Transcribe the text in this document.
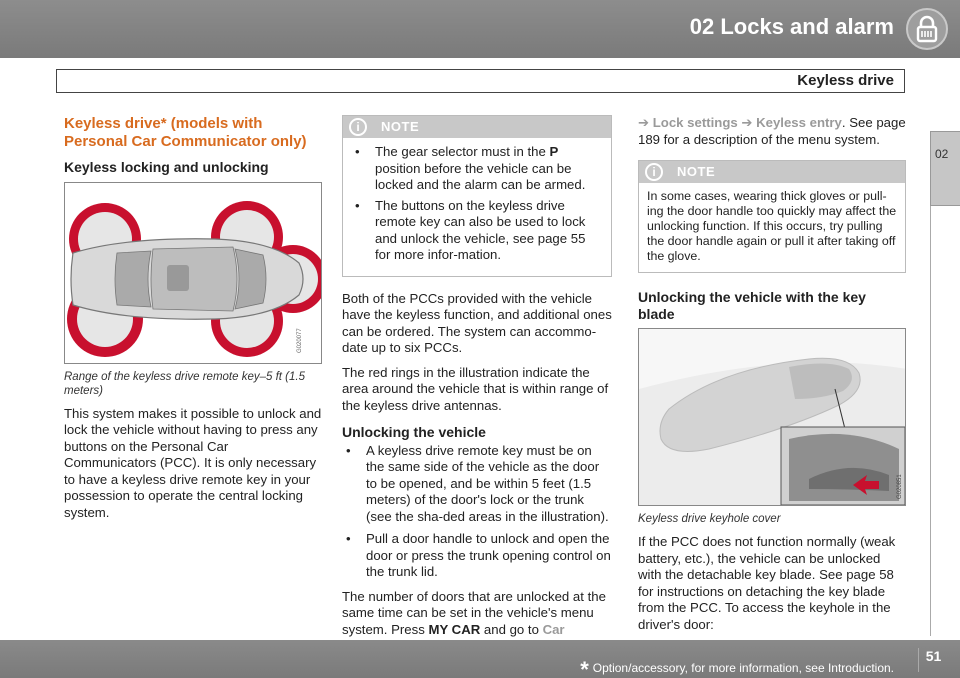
02 Locks and alarm
Keyless drive
02
Keyless drive* (models with Personal Car Communicator only)
Keyless locking and unlocking
G020077
Range of the keyless drive remote key–5 ft (1.5 meters)

This system makes it possible to unlock and lock the vehicle without having to press any buttons on the Personal Car Communicators (PCC). It is only necessary to have a keyless drive remote key in your possession to operate the central locking system.

i	NOTE
•	The gear selector must in the P position before the vehicle can be locked and the alarm can be armed.
•	The buttons on the keyless drive remote key can also be used to lock and unlock the vehicle, see page 55 for more infor-mation.

Both of the PCCs provided with the vehicle have the keyless function, and additional ones can be ordered. The system can accommo-date up to six PCCs.

The red rings in the illustration indicate the area around the vehicle that is within range of the keyless drive antennas.

Unlocking the vehicle
•	A keyless drive remote key must be on the same side of the vehicle as the door to be opened, and be within 5 feet (1.5 meters) of the door's lock or the trunk (see the sha-ded areas in the illustration).
•	Pull a door handle to unlock and open the door or press the trunk opening control on the trunk lid.

The number of doors that are unlocked at the same time can be set in the vehicle's menu system. Press MY CAR and go to Car

➔ Lock settings ➔ Keyless entry. See page 189 for a description of the menu system.

i	NOTE
In some cases, wearing thick gloves or pull-ing the door handle too quickly may affect the unlocking function. If this occurs, try pulling the door handle again or pull it after taking off the glove.
Unlocking the vehicle with the key blade
G020851
Keyless drive keyhole cover

If the PCC does not function normally (weak battery, etc.), the vehicle can be unlocked with the detachable key blade. See page 58 for instructions on detaching the key blade from the PCC. To access the keyhole in the driver's door:

* Option/accessory, for more information, see Introduction.
51
